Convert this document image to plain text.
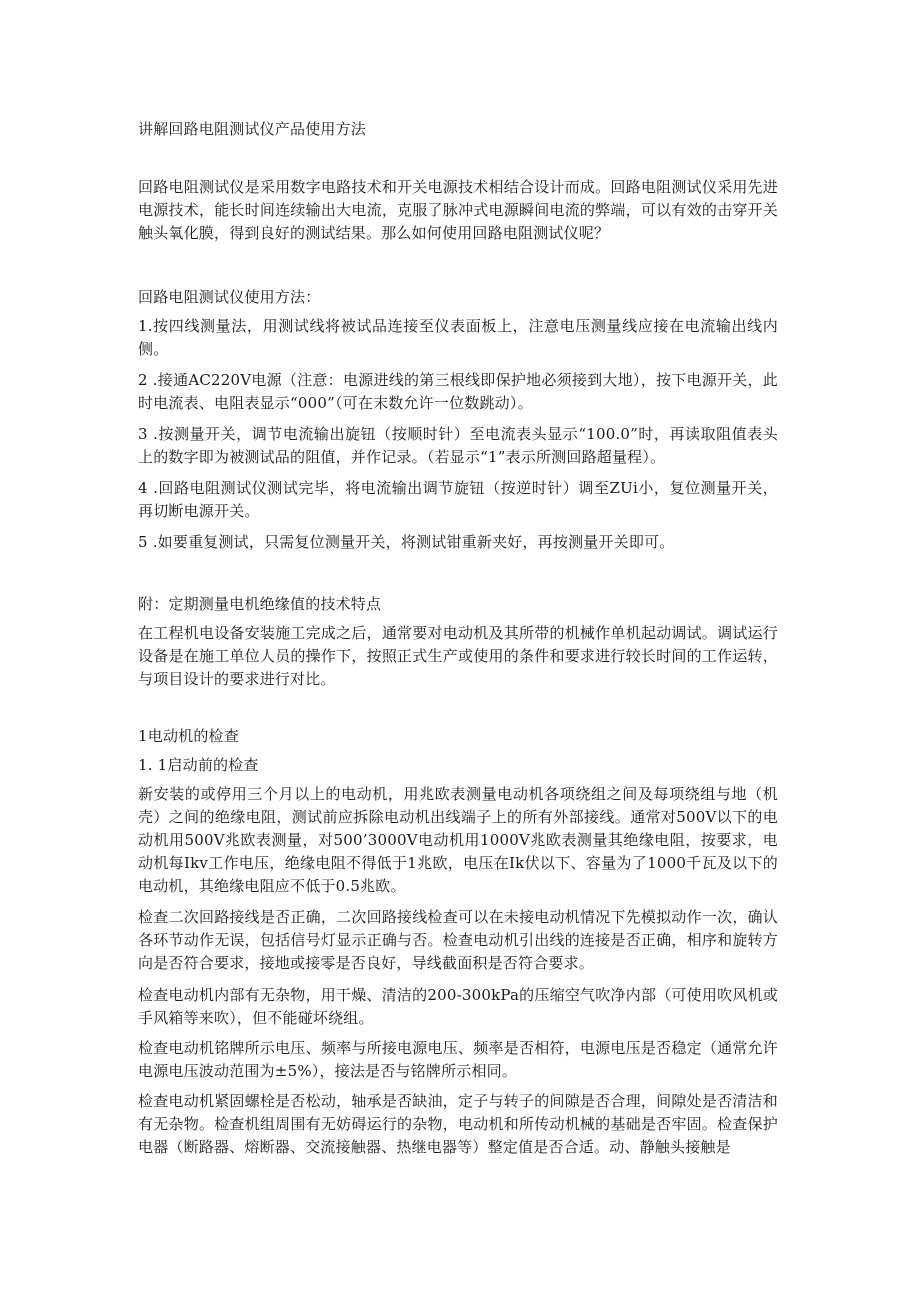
讲解回路电阻测试仪产品使用方法

回路电阻测试仪是采用数字电路技术和开关电源技术相结合设计而成。回路电阻测试仪采用先进电源技术，能长时间连续输出大电流，克服了脉冲式电源瞬间电流的弊端，可以有效的击穿开关触头氧化膜，得到良好的测试结果。那么如何使用回路电阻测试仪呢？

回路电阻测试仪使用方法：

1.按四线测量法，用测试线将被试品连接至仪表面板上，注意电压测量线应接在电流输出线内侧。

2 .接通AC220V电源（注意：电源进线的第三根线即保护地必须接到大地），按下电源开关，此时电流表、电阻表显示“000”（可在末数允许一位数跳动）。

3 .按测量开关，调节电流输出旋钮（按顺时针）至电流表头显示“100.0”时，再读取阻值表头上的数字即为被测试品的阻值，并作记录。（若显示“1”表示所测回路超量程）。

4 .回路电阻测试仪测试完毕，将电流输出调节旋钮（按逆时针）调至ZUi小，复位测量开关，再切断电源开关。

5 .如要重复测试，只需复位测量开关，将测试钳重新夹好，再按测量开关即可。

附：定期测量电机绝缘值的技术特点

在工程机电设备安装施工完成之后，通常要对电动机及其所带的机械作单机起动调试。调试运行设备是在施工单位人员的操作下，按照正式生产或使用的条件和要求进行较长时间的工作运转，与项目设计的要求进行对比。

1电动机的检查

1. 1启动前的检查

新安装的或停用三个月以上的电动机，用兆欧表测量电动机各项绕组之间及每项绕组与地（机壳）之间的绝缘电阻，测试前应拆除电动机出线端子上的所有外部接线。通常对500V以下的电动机用500V兆欧表测量，对500’3000V电动机用1000V兆欧表测量其绝缘电阻，按要求，电动机每Ikv工作电压，绝缘电阻不得低于1兆欧，电压在Ik伏以下、容量为了1000千瓦及以下的电动机，其绝缘电阻应不低于0.5兆欧。

检查二次回路接线是否正确，二次回路接线检查可以在未接电动机情况下先模拟动作一次，确认各环节动作无误，包括信号灯显示正确与否。检查电动机引出线的连接是否正确，相序和旋转方向是否符合要求，接地或接零是否良好，导线截面积是否符合要求。

检查电动机内部有无杂物，用干燥、清洁的200-300kPa的压缩空气吹净内部（可使用吹风机或手风箱等来吹），但不能碰坏绕组。

检查电动机铭牌所示电压、频率与所接电源电压、频率是否相符，电源电压是否稳定（通常允许电源电压波动范围为±5%），接法是否与铭牌所示相同。

检查电动机紧固螺栓是否松动，轴承是否缺油，定子与转子的间隙是否合理，间隙处是否清洁和有无杂物。检查机组周围有无妨碍运行的杂物，电动机和所传动机械的基础是否牢固。检查保护电器（断路器、熔断器、交流接触器、热继电器等）整定值是否合适。动、静触头接触是
